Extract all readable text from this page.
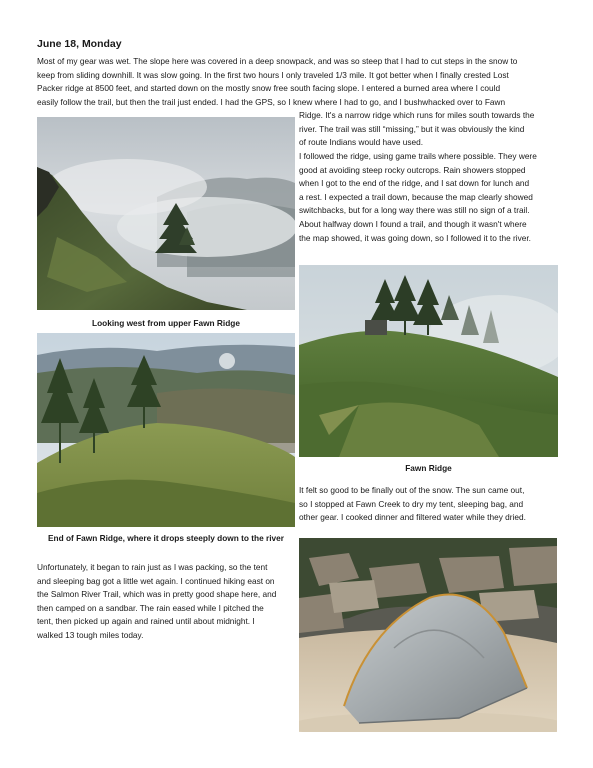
June 18, Monday
Most of my gear was wet. The slope here was covered in a deep snowpack, and was so steep that I had to cut steps in the snow to
keep from sliding downhill. It was slow going. In the first two hours I only traveled 1/3 mile. It got better when I finally crested Lost
Packer ridge at 8500 feet, and started down on the mostly snow free south facing slope. I entered a burned area where I could
easily follow the trail, but then the trail just ended. I had the GPS, so I knew where I had to go, and I bushwhacked over to Fawn
Ridge. It's a narrow ridge which runs for miles south towards the
river. The trail was still “missing,” but it was obviously the kind
of route Indians would have used.
I followed the ridge, using game trails where possible. They were
good at avoiding steep rocky outcrops. Rain showers stopped
when I got to the end of the ridge, and I sat down for lunch and
a rest. I expected a trail down, because the map clearly showed
switchbacks, but for a long way there was still no sign of a trail.
About halfway down I found a trail, and though it wasn't where
the map showed, it was going down, so I followed it to the river.
Looking west from upper Fawn Ridge
Fawn Ridge
End of Fawn Ridge, where it drops steeply down to the river
It felt so good to be finally out of the snow. The sun came out,
so I stopped at Fawn Creek to dry my tent, sleeping bag, and
other gear. I cooked dinner and filtered water while they dried.
Unfortunately, it began to rain just as I was packing, so the tent
and sleeping bag got a little wet again. I continued hiking east on
the Salmon River Trail, which was in pretty good shape here, and
then camped on a sandbar. The rain eased while I pitched the
tent, then picked up again and rained until about midnight. I
walked 13 tough miles today.
